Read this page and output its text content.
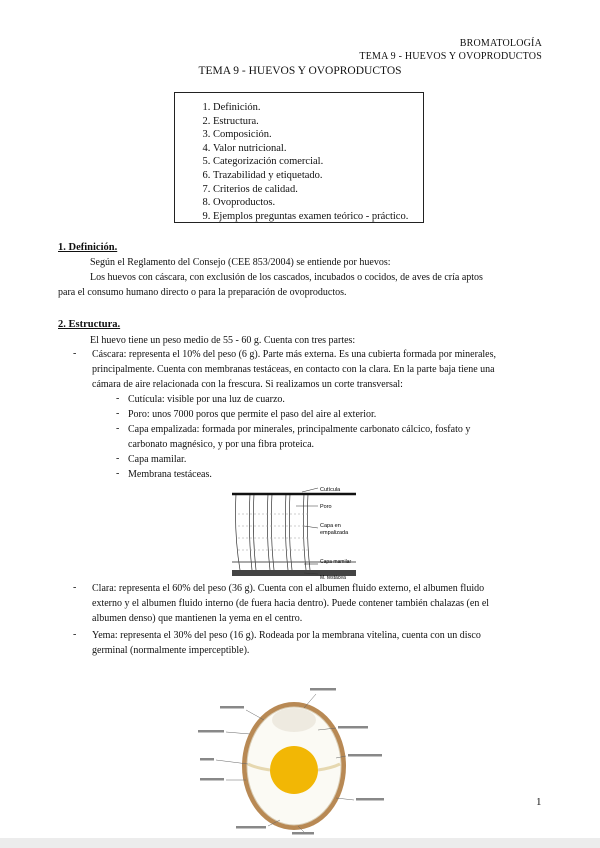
BROMATOLOGÍA
TEMA 9 - HUEVOS Y OVOPRODUCTOS
TEMA 9 - HUEVOS Y OVOPRODUCTOS
1. Definición.
2. Estructura.
3. Composición.
4. Valor nutricional.
5. Categorización comercial.
6. Trazabilidad y etiquetado.
7. Criterios de calidad.
8. Ovoproductos.
9. Ejemplos preguntas examen teórico - práctico.
1. Definición.
Según el Reglamento del Consejo (CEE 853/2004) se entiende por huevos:
Los huevos con cáscara, con exclusión de los cascados, incubados o cocidos, de aves de cría aptos
para el consumo humano directo o para la preparación de ovoproductos.
2. Estructura.
El huevo tiene un peso medio de 55 - 60 g. Cuenta con tres partes:
- Cáscara: representa el 10% del peso (6 g). Parte más externa. Es una cubierta formada por minerales,
principalmente. Cuenta con membranas testáceas, en contacto con la clara. En la parte baja tiene una
cámara de aire relacionada con la frescura. Si realizamos un corte transversal:
- Cutícula: visible por una luz de cuarzo.
- Poro: unos 7000 poros que permite el paso del aire al exterior.
- Capa empalizada: formada por minerales, principalmente carbonato cálcico, fosfato y
carbonato magnésico, y por una fibra proteica.
- Capa mamilar.
- Membrana testáceas.
Cutícula
Poro
Capa en
empalizada
Capa mamilar
M. testácea
- Clara: representa el 60% del peso (36 g). Cuenta con el albumen fluido externo, el albumen fluido
externo y el albumen fluido interno (de fuera hacia dentro). Puede contener también chalazas (en el
albumen denso) que mantienen la yema en el centro.
- Yema: representa el 30% del peso (16 g). Rodeada por la membrana vitelina, cuenta con un disco
germinal (normalmente imperceptible).
1
